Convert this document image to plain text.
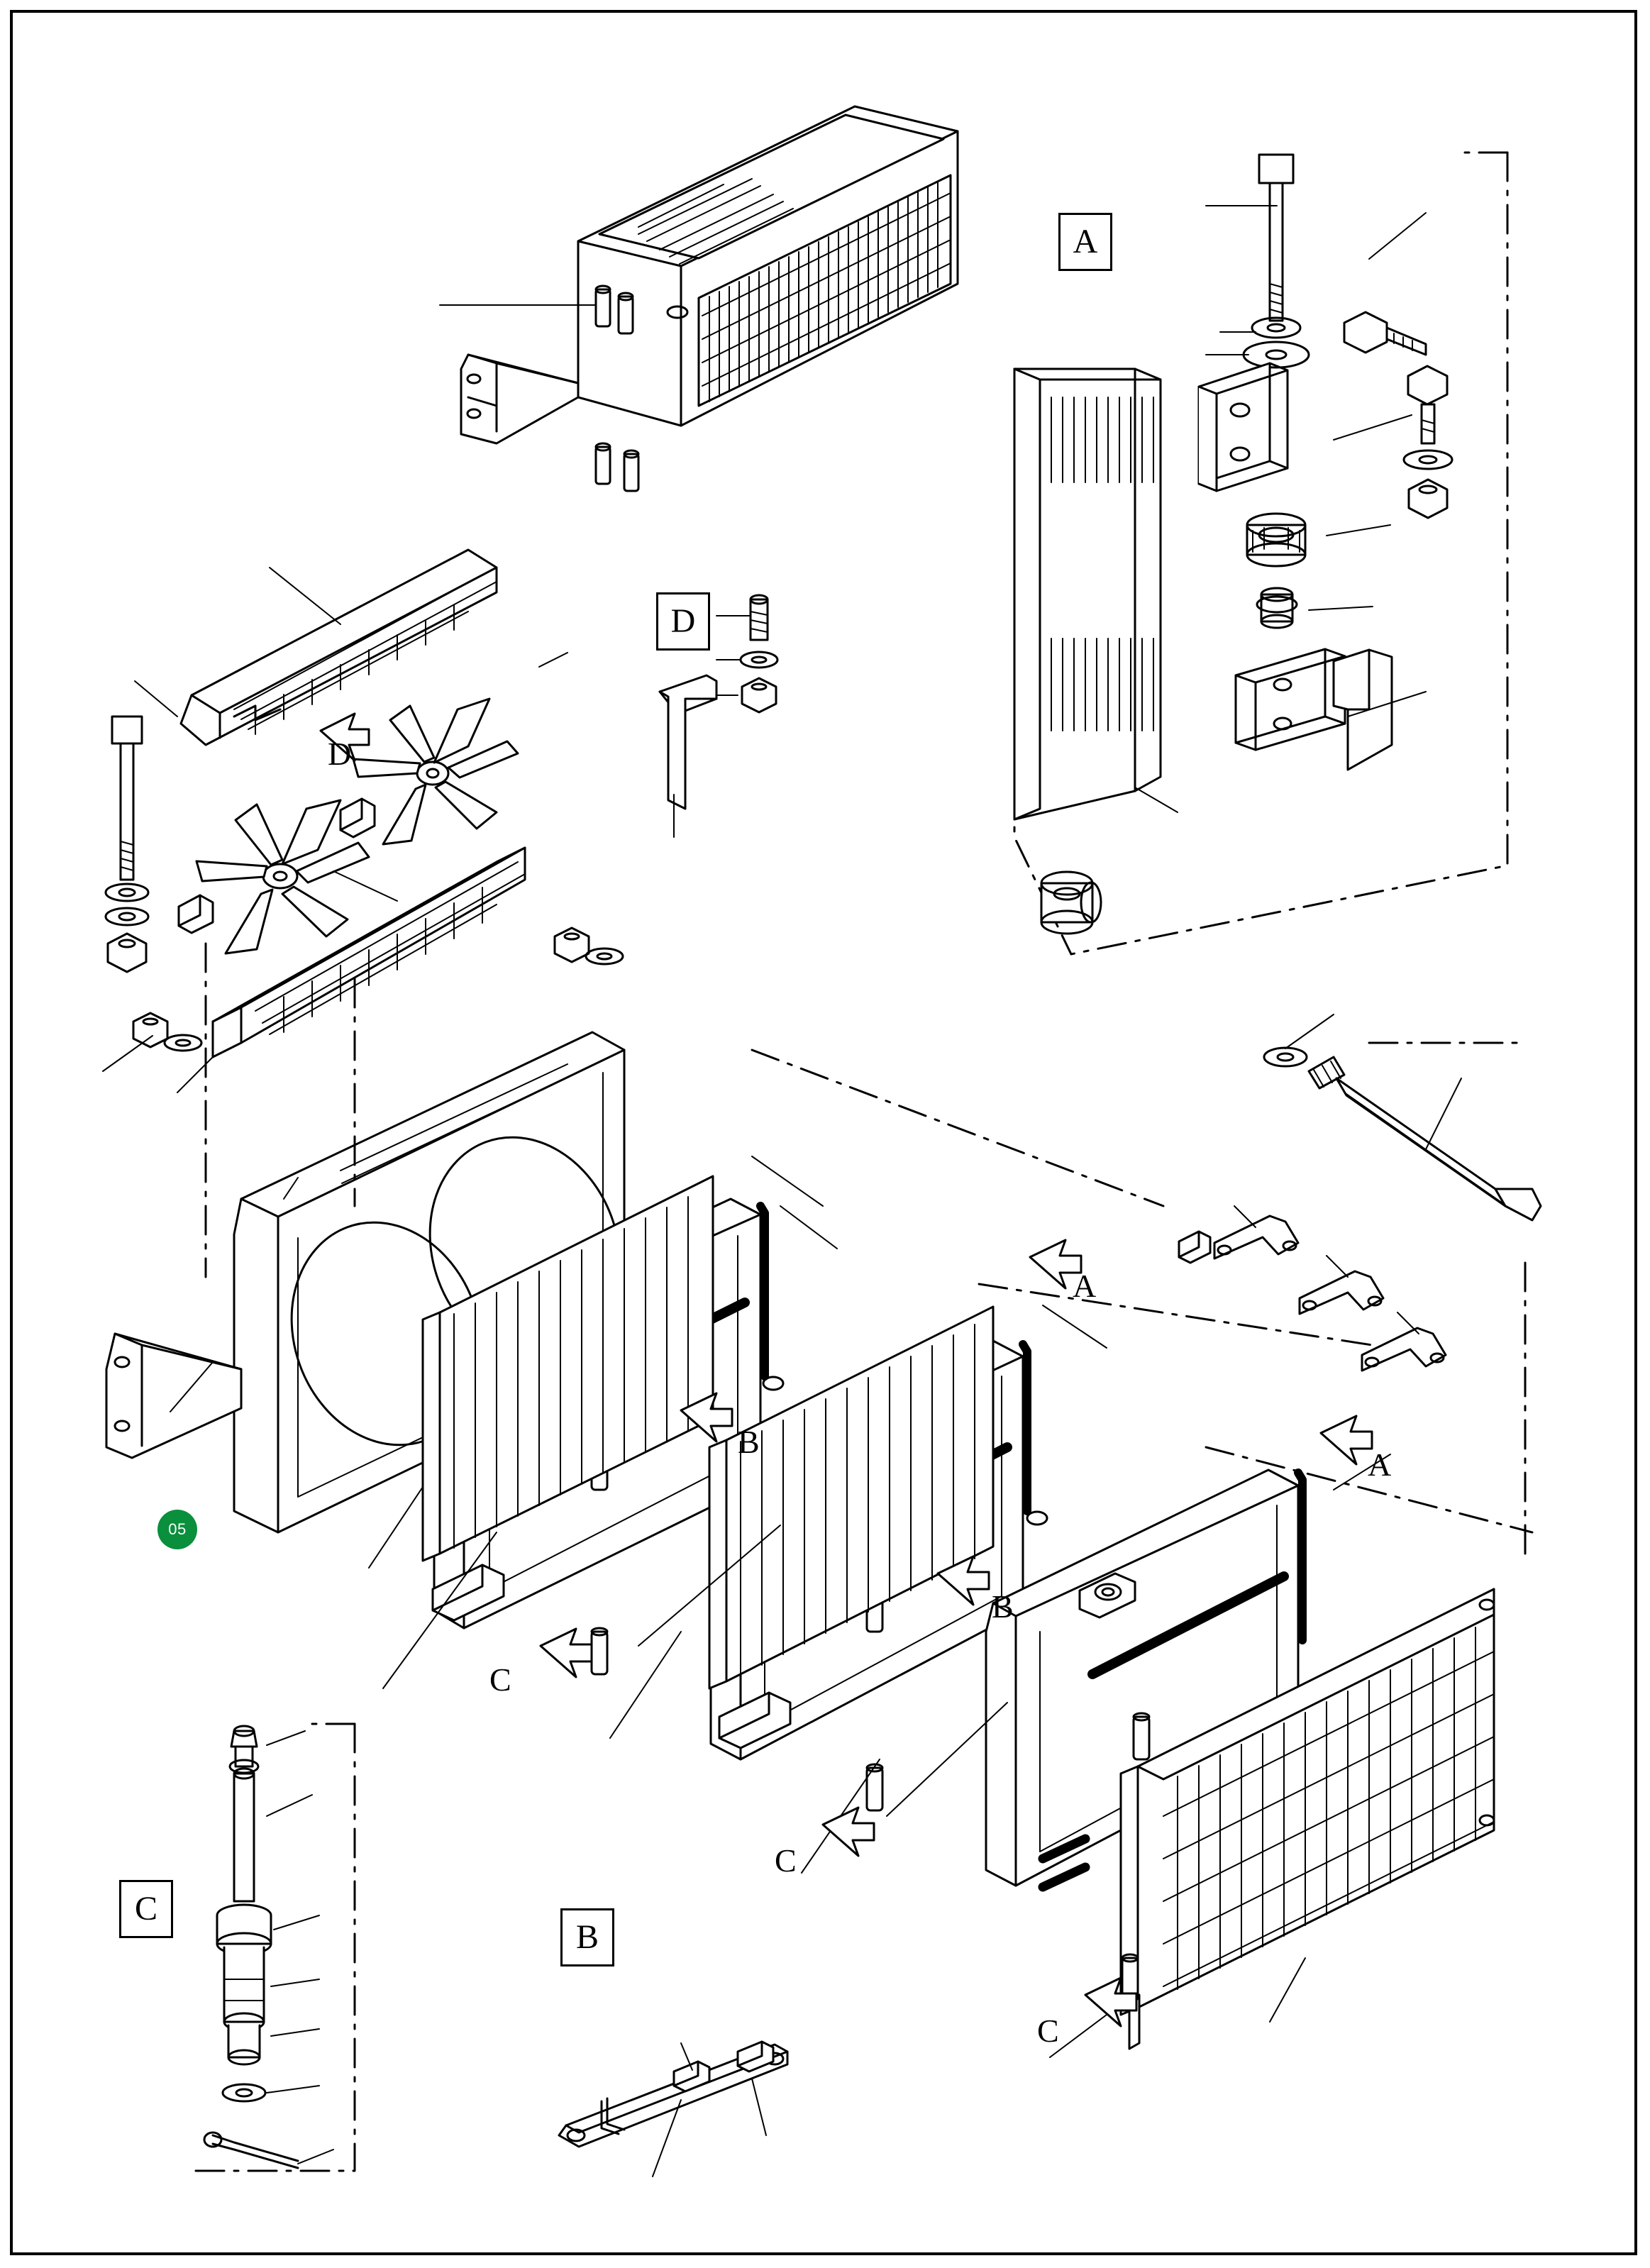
A
D
C
B
D
A
B
C
A
B
C
C
05
